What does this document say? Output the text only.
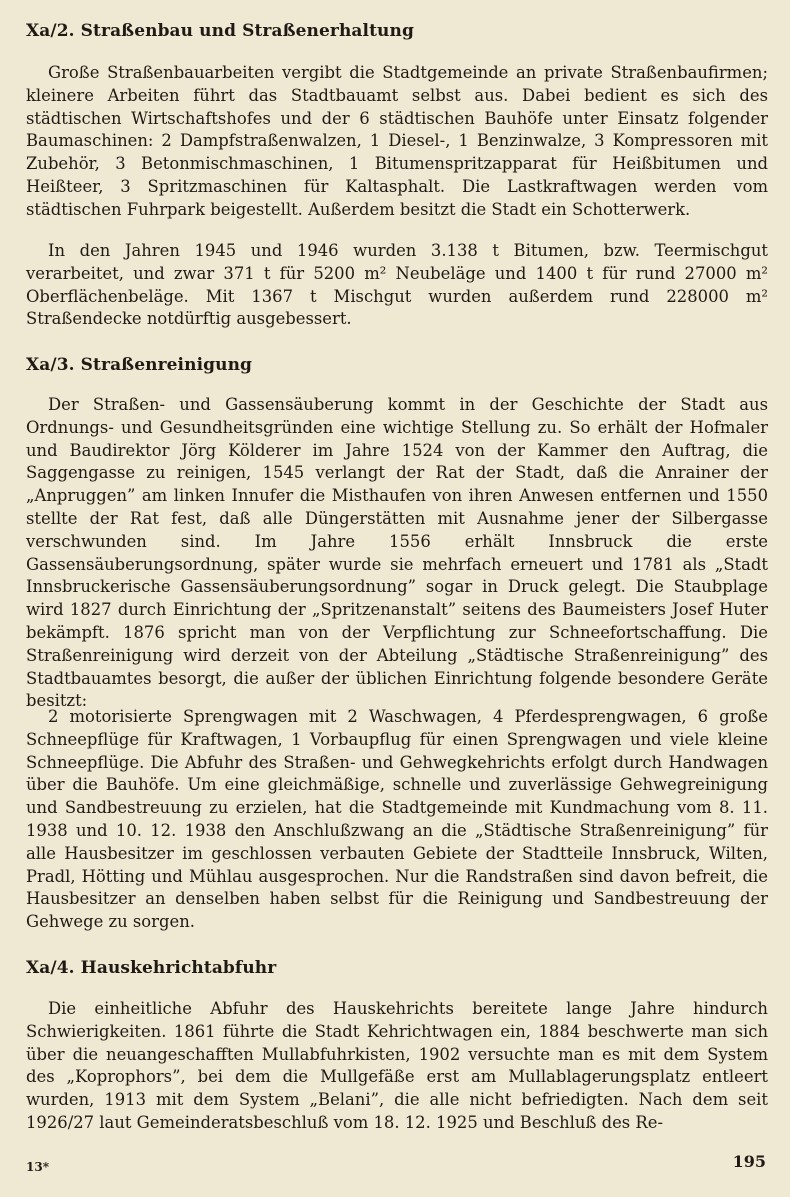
Xa/2. Straßenbau und Straßenerhaltung

Große Straßenbauarbeiten vergibt die Stadtgemeinde an private Straßenbaufirmen; kleinere Arbeiten führt das Stadtbauamt selbst aus. Dabei bedient es sich des städtischen Wirtschaftshofes und der 6 städtischen Bauhöfe unter Einsatz folgender Baumaschinen: 2 Dampfstraßenwalzen, 1 Diesel-, 1 Benzinwalze, 3 Kompressoren mit Zubehör, 3 Betonmischmaschinen, 1 Bitumenspritzapparat für Heißbitumen und Heißteer, 3 Spritzmaschinen für Kaltasphalt. Die Lastkraftwagen werden vom städtischen Fuhrpark beigestellt. Außerdem besitzt die Stadt ein Schotterwerk.

In den Jahren 1945 und 1946 wurden 3.138 t Bitumen, bzw. Teermischgut verarbeitet, und zwar 371 t für 5200 m² Neubeläge und 1400 t für rund 27000 m² Oberflächenbeläge. Mit 1367 t Mischgut wurden außerdem rund 228000 m² Straßendecke notdürftig ausgebessert.

Xa/3. Straßenreinigung

Der Straßen- und Gassensäuberung kommt in der Geschichte der Stadt aus Ordnungs- und Gesundheitsgründen eine wichtige Stellung zu. So erhält der Hofmaler und Baudirektor Jörg Kölderer im Jahre 1524 von der Kammer den Auftrag, die Saggengasse zu reinigen, 1545 verlangt der Rat der Stadt, daß die Anrainer der „Anpruggen” am linken Innufer die Misthaufen von ihren Anwesen entfernen und 1550 stellte der Rat fest, daß alle Düngerstätten mit Ausnahme jener der Silbergasse verschwunden sind. Im Jahre 1556 erhält Innsbruck die erste Gassensäuberungsordnung, später wurde sie mehrfach erneuert und 1781 als „Stadt Innsbruckerische Gassensäuberungsordnung” sogar in Druck gelegt. Die Staubplage wird 1827 durch Einrichtung der „Spritzenanstalt” seitens des Baumeisters Josef Huter bekämpft. 1876 spricht man von der Verpflichtung zur Schneefortschaffung. Die Straßenreinigung wird derzeit von der Abteilung „Städtische Straßenreinigung” des Stadtbauamtes besorgt, die außer der üblichen Einrichtung folgende besondere Geräte besitzt:

2 motorisierte Sprengwagen mit 2 Waschwagen, 4 Pferdesprengwagen, 6 große Schneepflüge für Kraftwagen, 1 Vorbaupflug für einen Sprengwagen und viele kleine Schneepflüge. Die Abfuhr des Straßen- und Gehwegkehrichts erfolgt durch Handwagen über die Bauhöfe. Um eine gleichmäßige, schnelle und zuverlässige Gehwegreinigung und Sandbestreuung zu erzielen, hat die Stadtgemeinde mit Kundmachung vom 8. 11. 1938 und 10. 12. 1938 den Anschlußzwang an die „Städtische Straßenreinigung” für alle Hausbesitzer im geschlossen verbauten Gebiete der Stadtteile Innsbruck, Wilten, Pradl, Hötting und Mühlau ausgesprochen. Nur die Randstraßen sind davon befreit, die Hausbesitzer an denselben haben selbst für die Reinigung und Sandbestreuung der Gehwege zu sorgen.

Xa/4. Hauskehrichtabfuhr

Die einheitliche Abfuhr des Hauskehrichts bereitete lange Jahre hindurch Schwierigkeiten. 1861 führte die Stadt Kehrichtwagen ein, 1884 beschwerte man sich über die neuangeschafften Mullabfuhrkisten, 1902 versuchte man es mit dem System des „Koprophors”, bei dem die Mullgefäße erst am Mullablagerungsplatz entleert wurden, 1913 mit dem System „Belani”, die alle nicht befriedigten. Nach dem seit 1926/27 laut Gemeinderatsbeschluß vom 18. 12. 1925 und Beschluß des Re-

13*	195
